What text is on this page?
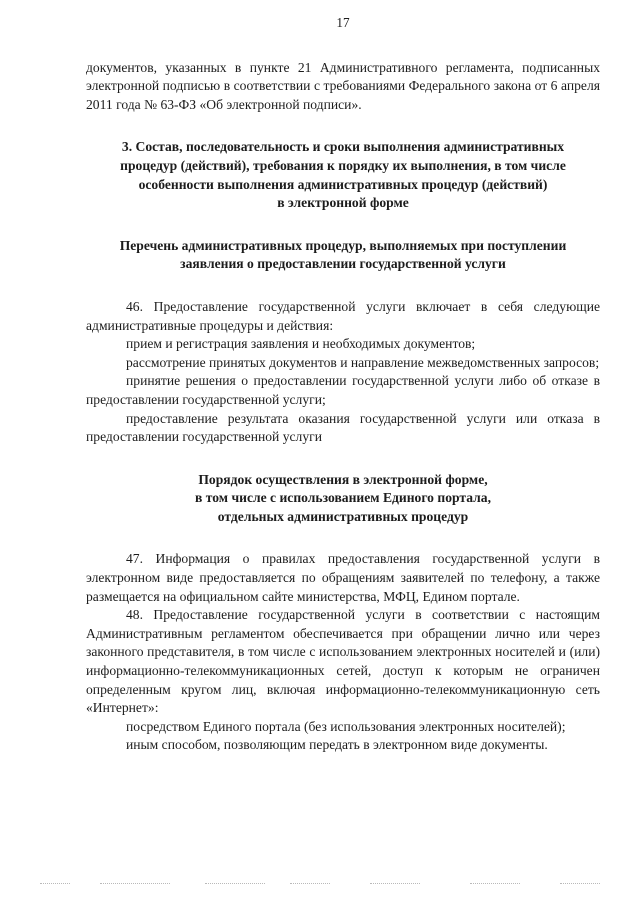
17

документов, указанных в пункте 21 Административного регламента, подписанных электронной подписью в соответствии с требованиями Федерального закона от 6 апреля 2011 года № 63-ФЗ «Об электронной подписи».

3. Состав, последовательность и сроки выполнения административных
процедур (действий), требования к порядку их выполнения, в том числе
особенности выполнения административных процедур (действий)
в электронной форме
Перечень административных процедур, выполняемых при поступлении
заявления о предоставлении государственной услуги

46. Предоставление государственной услуги включает в себя следующие административные процедуры и действия:

прием и регистрация заявления и необходимых документов;

рассмотрение принятых документов и направление межведомственных запросов;

принятие решения о предоставлении государственной услуги либо об отказе в предоставлении государственной услуги;

предоставление результата оказания государственной услуги или отказа в предоставлении государственной услуги

Порядок осуществления в электронной форме,
в том числе с использованием Единого портала,
отдельных административных процедур

47. Информация о правилах предоставления государственной услуги в электронном виде предоставляется по обращениям заявителей по телефону, а также размещается на официальном сайте министерства, МФЦ, Едином портале.

48. Предоставление государственной услуги в соответствии с настоящим Административным регламентом обеспечивается при обращении лично или через законного представителя, в том числе с использованием электронных носителей и (или) информационно-телекоммуникационных сетей, доступ к которым не ограничен определенным кругом лиц, включая информационно-телекоммуникационную сеть «Интернет»:

посредством Единого портала (без использования электронных носителей);

иным способом, позволяющим передать в электронном виде документы.
